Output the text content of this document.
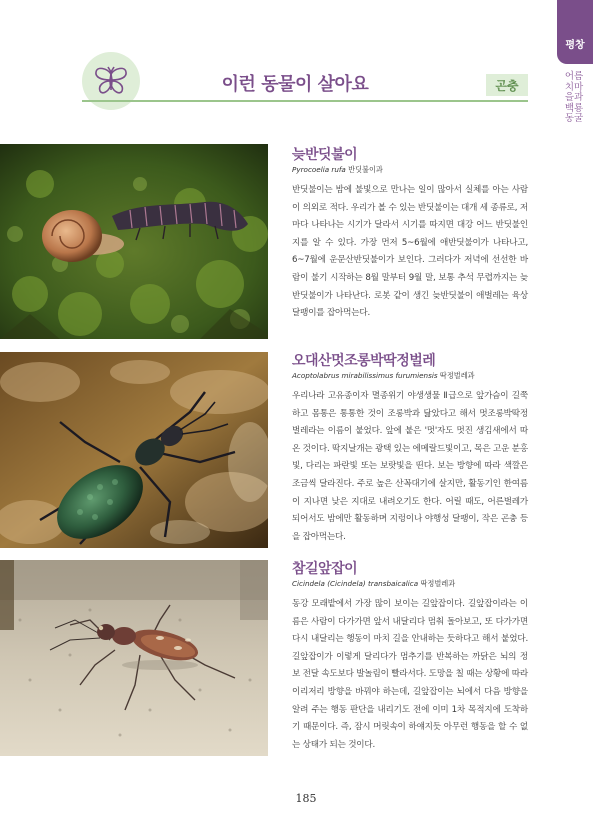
평창
어름치마을과 백룡동굴
이런 동물이 살아요	곤충
늦반딧불이
Pyrocoelia rufa 반딧불이과
반딧불이는 밤에 불빛으로 만나는 일이 많아서 실체를 아는 사람이 의외로 적다. 우리가 볼 수 있는 반딧불이는 대개 세 종류로, 저마다 나타나는 시기가 달라서 시기를 따지면 대강 어느 반딧불인지를 알 수 있다. 가장 먼저 5~6월에 애반딧불이가 나타나고, 6~7월에 운문산반딧불이가 보인다. 그러다가 저녁에 선선한 바람이 불기 시작하는 8월 말부터 9월 말, 보통 추석 무렵까지는 늦반딧불이가 나타난다. 로봇 같이 생긴 늦반딧불이 애벌레는 육상 달팽이를 잡아먹는다.
오대산멋조롱박딱정벌레
Acoptolabrus mirabilissimus furumiensis 딱정벌레과
우리나라 고유종이자 멸종위기 야생생물 Ⅱ급으로 앞가슴이 길쭉하고 몸통은 통통한 것이 조롱박과 닮았다고 해서 멋조롱박딱정벌레라는 이름이 붙었다. 앞에 붙은 '멋'자도 멋진 생김새에서 따온 것이다. 딱지날개는 광택 있는 에메랄드빛이고, 목은 고운 분홍빛, 다리는 파란빛 또는 보랏빛을 띤다. 보는 방향에 따라 색깔은 조금씩 달라진다. 주로 높은 산꼭대기에 살지만, 활동기인 한여름이 지나면 낮은 지대로 내려오기도 한다. 어릴 때도, 어른벌레가 되어서도 밤에만 활동하며 지렁이나 야행성 달팽이, 작은 곤충 등을 잡아먹는다.
참길앞잡이
Cicindela (Cicindela) transbaicalica 딱정벌레과
동강 모래밭에서 가장 많이 보이는 길앞잡이다. 길앞잡이라는 이름은 사람이 다가가면 앞서 내달리다 멈춰 돌아보고, 또 다가가면 다시 내달리는 행동이 마치 길을 안내하는 듯하다고 해서 붙었다. 길앞잡이가 이렇게 달리다가 멈추기를 반복하는 까닭은 뇌의 정보 전달 속도보다 발놀림이 빨라서다. 도망을 칠 때는 상황에 따라 이리저리 방향을 바꿔야 하는데, 길앞잡이는 뇌에서 다음 방향을 알려 주는 행동 판단을 내리기도 전에 이미 1차 목적지에 도착하기 때문이다. 즉, 잠시 머릿속이 하얘지듯 아무런 행동을 할 수 없는 상태가 되는 것이다.
185
